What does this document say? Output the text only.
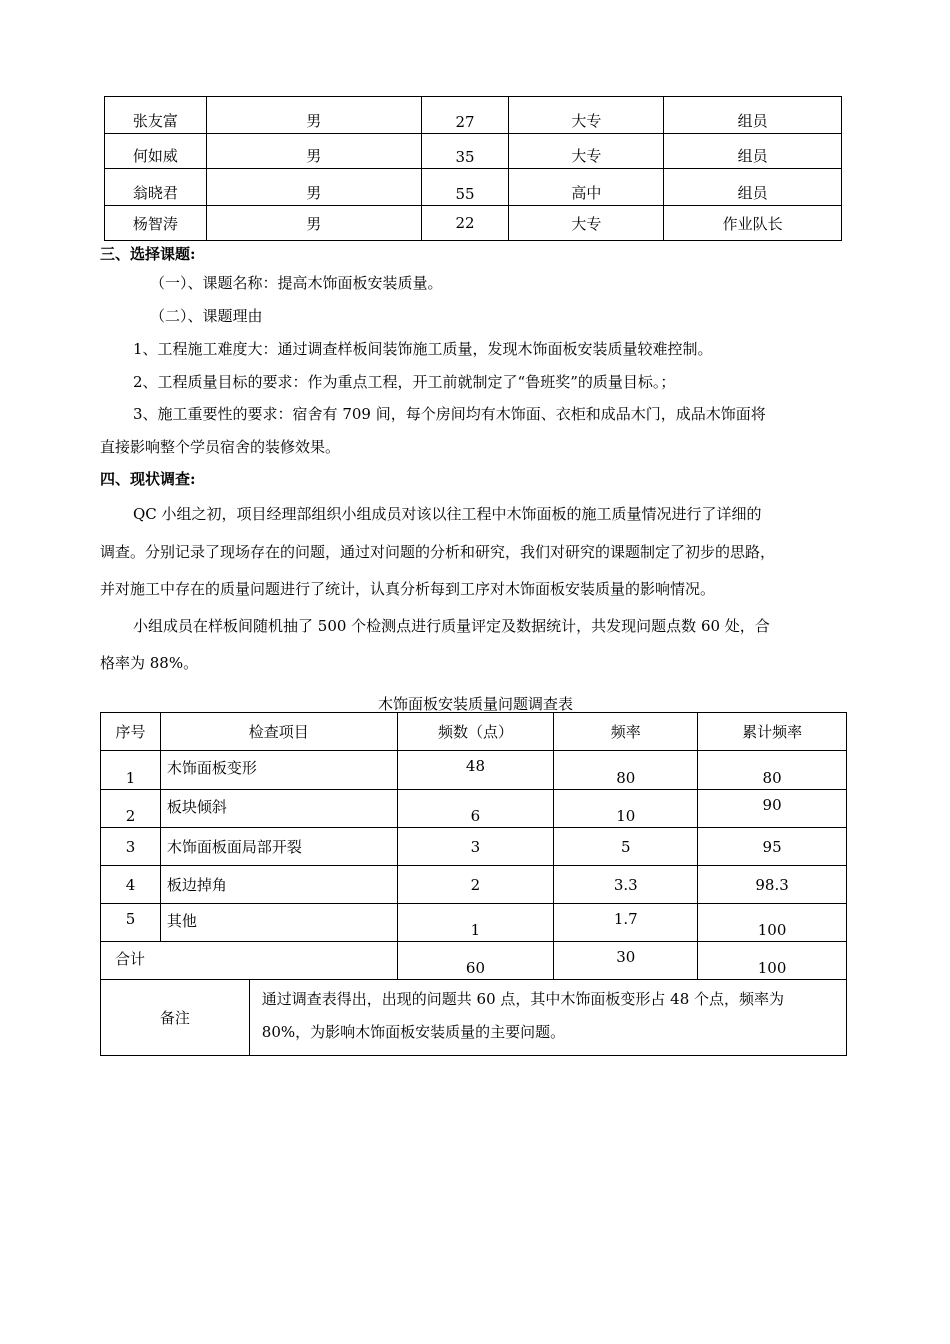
张友富	男	27	大专	组员
何如威	男	35	大专	组员
翁晓君	男	55	高中	组员
杨智涛	男	22	大专	作业队长
三、选择课题:
（一）、课题名称：提高木饰面板安装质量。
（二）、课题理由
1、工程施工难度大：通过调查样板间装饰施工质量，发现木饰面板安装质量较难控制。
2、工程质量目标的要求：作为重点工程，开工前就制定了“鲁班奖”的质量目标。；
3、施工重要性的要求：宿舍有 709 间，每个房间均有木饰面、衣柜和成品木门，成品木饰面将
直接影响整个学员宿舍的装修效果。
四、现状调查:
QC 小组之初，项目经理部组织小组成员对该以往工程中木饰面板的施工质量情况进行了详细的
调查。分别记录了现场存在的问题，通过对问题的分析和研究，我们对研究的课题制定了初步的思路，
并对施工中存在的质量问题进行了统计，认真分析每到工序对木饰面板安装质量的影响情况。
小组成员在样板间随机抽了 500 个检测点进行质量评定及数据统计，共发现问题点数 60 处，合
格率为 88%。
木饰面板安装质量问题调查表
序号	检查项目		频数（点）	频率	累计频率
1	木饰面板变形		48	80	80
2	板块倾斜		6	10	90
3	木饰面板面局部开裂		3	5	95
4	板边掉角		2	3.3	98.3
5	其他		1	1.7	100
合计			60	30	100
备注		通过调查表得出，出现的问题共 60 点，其中木饰面板变形占 48 个点，频率为
80%，为影响木饰面板安装质量的主要问题。			
